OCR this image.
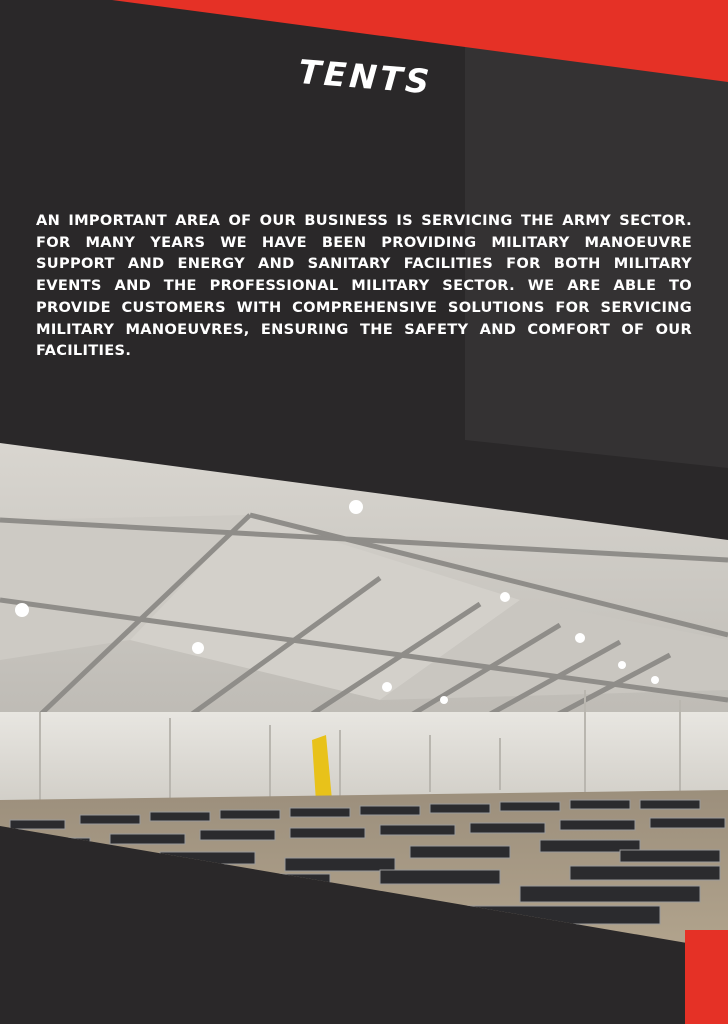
TENTS

AN IMPORTANT AREA OF OUR BUSINESS IS SERVICING THE ARMY SECTOR. FOR MANY YEARS WE HAVE BEEN PROVIDING MILITARY MANOEUVRE SUPPORT AND ENERGY AND SANITARY FACILITIES FOR BOTH MILITARY EVENTS AND THE PROFESSIONAL MILITARY SECTOR. WE ARE ABLE TO PROVIDE CUSTOMERS WITH COMPREHENSIVE SOLUTIONS FOR SERVICING MILITARY MANOEUVRES, ENSURING THE SAFETY AND COMFORT OF OUR FACILITIES.
